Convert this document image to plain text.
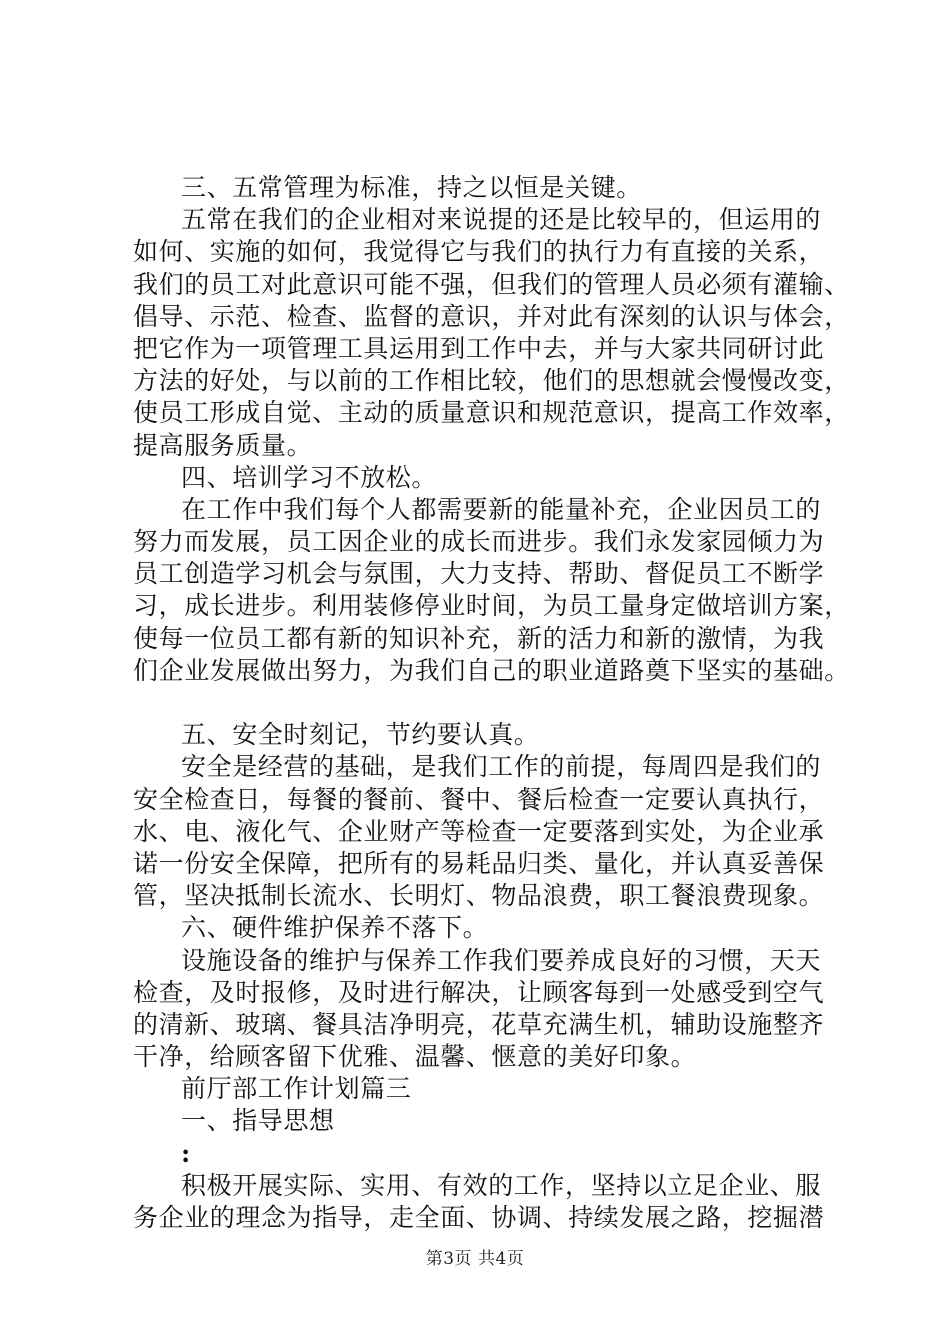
三、五常管理为标准，持之以恒是关键。
五常在我们的企业相对来说提的还是比较早的，但运用的
如何、实施的如何，我觉得它与我们的执行力有直接的关系，
我们的员工对此意识可能不强，但我们的管理人员必须有灌输、
倡导、示范、检查、监督的意识，并对此有深刻的认识与体会，
把它作为一项管理工具运用到工作中去，并与大家共同研讨此
方法的好处，与以前的工作相比较，他们的思想就会慢慢改变，
使员工形成自觉、主动的质量意识和规范意识，提高工作效率，
提高服务质量。
四、培训学习不放松。
在工作中我们每个人都需要新的能量补充，企业因员工的
努力而发展，员工因企业的成长而进步。我们永发家园倾力为
员工创造学习机会与氛围，大力支持、帮助、督促员工不断学
习，成长进步。利用装修停业时间，为员工量身定做培训方案，
使每一位员工都有新的知识补充，新的活力和新的激情，为我
们企业发展做出努力，为我们自己的职业道路奠下坚实的基础。
五、安全时刻记，节约要认真。
安全是经营的基础，是我们工作的前提，每周四是我们的
安全检查日，每餐的餐前、餐中、餐后检查一定要认真执行，
水、电、液化气、企业财产等检查一定要落到实处，为企业承
诺一份安全保障，把所有的易耗品归类、量化，并认真妥善保
管，坚决抵制长流水、长明灯、物品浪费，职工餐浪费现象。
六、硬件维护保养不落下。
设施设备的维护与保养工作我们要养成良好的习惯，天天
检查，及时报修，及时进行解决，让顾客每到一处感受到空气
的清新、玻璃、餐具洁净明亮，花草充满生机，辅助设施整齐
干净，给顾客留下优雅、温馨、惬意的美好印象。
前厅部工作计划篇三
一、指导思想
:
积极开展实际、实用、有效的工作，坚持以立足企业、服
务企业的理念为指导，走全面、协调、持续发展之路，挖掘潜
第3页 共4页
